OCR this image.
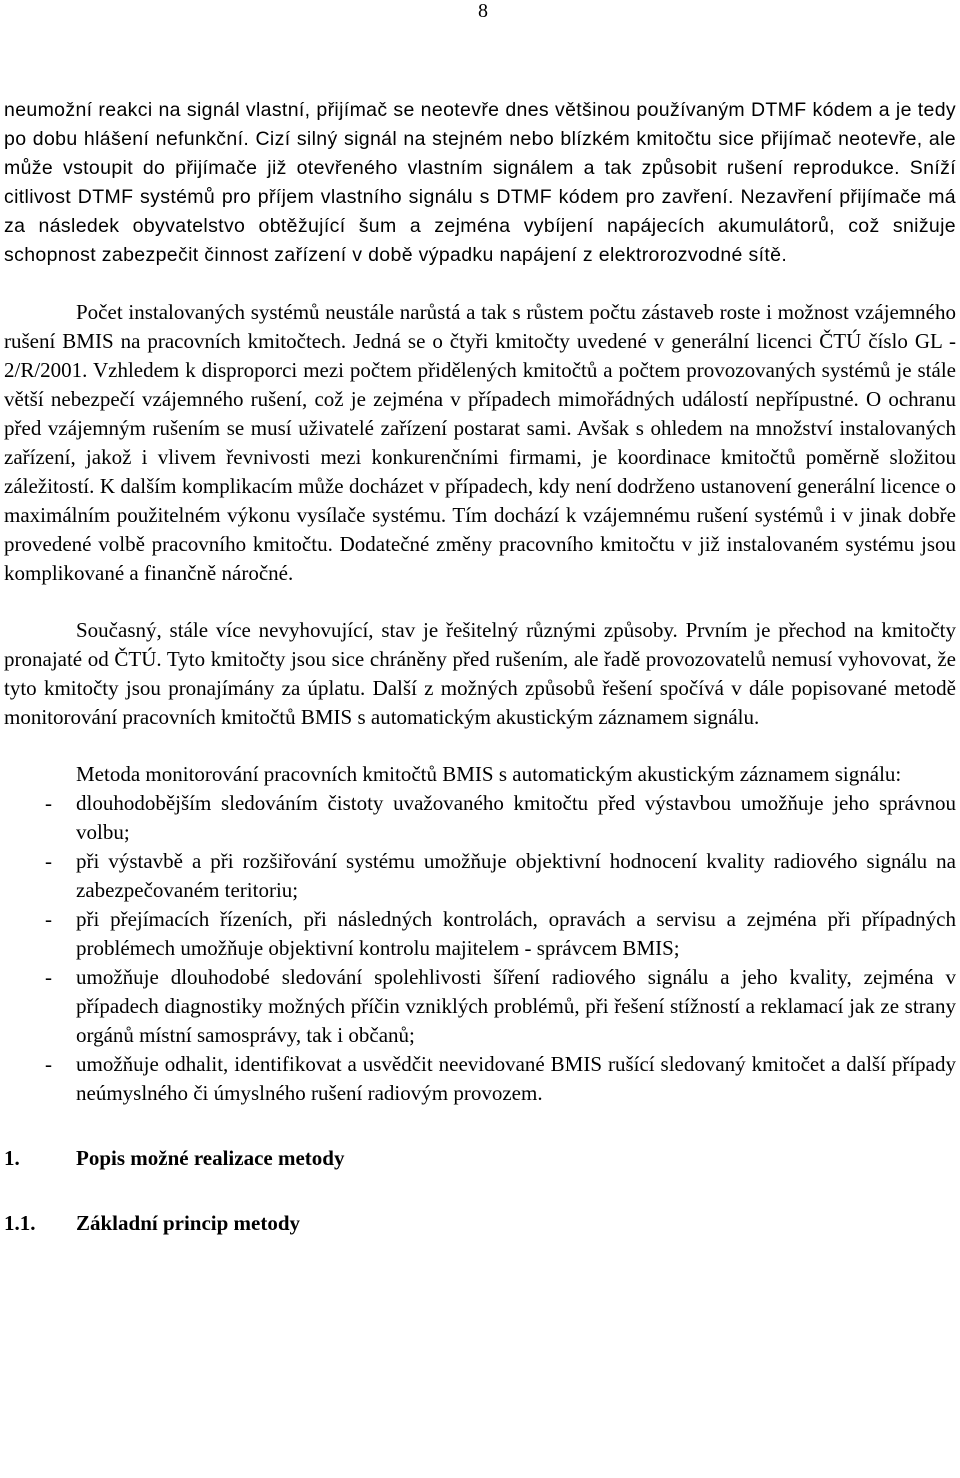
8

neumožní reakci na signál vlastní, přijímač se neotevře dnes většinou používaným DTMF kódem a je tedy po dobu hlášení nefunkční. Cizí silný signál na stejném nebo blízkém kmitočtu sice přijímač neotevře, ale může vstoupit do přijímače již otevřeného vlastním signálem a tak způsobit rušení reprodukce. Sníží citlivost DTMF systémů pro příjem vlastního signálu s DTMF kódem pro zavření. Nezavření přijímače má za následek obyvatelstvo obtěžující šum a zejména vybíjení napájecích akumulátorů, což snižuje schopnost zabezpečit činnost zařízení v době výpadku napájení z elektrorozvodné sítě.

Počet instalovaných systémů neustále narůstá a tak s růstem počtu zástaveb roste i možnost vzájemného rušení BMIS na pracovních kmitočtech. Jedná se o čtyři kmitočty uvedené v generální licenci ČTÚ číslo GL - 2/R/2001. Vzhledem k disproporci mezi počtem přidělených kmitočtů a počtem provozovaných systémů je stále větší nebezpečí vzájemného rušení, což je zejména v případech mimořádných událostí nepřípustné. O ochranu před vzájemným rušením se musí uživatelé zařízení postarat sami. Avšak s ohledem na množství instalovaných zařízení, jakož i vlivem řevnivosti mezi konkurenčními firmami, je koordinace kmitočtů poměrně složitou záležitostí. K dalším komplikacím může docházet v případech, kdy není dodrženo ustanovení generální licence o maximálním použitelném výkonu vysílače systému. Tím dochází k vzájemnému rušení systémů i v jinak dobře provedené volbě pracovního kmitočtu. Dodatečné změny pracovního kmitočtu v již instalovaném systému jsou komplikované a finančně náročné.

Současný, stále více nevyhovující, stav je řešitelný různými způsoby. Prvním je přechod na kmitočty pronajaté od ČTÚ. Tyto kmitočty jsou sice chráněny před rušením, ale řadě provozovatelů nemusí vyhovovat, že tyto kmitočty jsou pronajímány za úplatu. Další z možných způsobů řešení spočívá v dále popisované metodě monitorování pracovních kmitočtů BMIS s automatickým akustickým záznamem signálu.

Metoda monitorování pracovních kmitočtů BMIS s automatickým akustickým záznamem signálu:

- dlouhodobějším sledováním čistoty uvažovaného kmitočtu před výstavbou umožňuje jeho správnou volbu;
- při výstavbě a při rozšiřování systému umožňuje objektivní hodnocení kvality radiového signálu na zabezpečovaném teritoriu;
- při přejímacích řízeních, při následných kontrolách, opravách a servisu a zejména při případných problémech umožňuje objektivní kontrolu majitelem - správcem BMIS;
- umožňuje dlouhodobé sledování spolehlivosti šíření radiového signálu a jeho kvality, zejména v případech diagnostiky možných příčin vzniklých problémů, při řešení stížností a reklamací jak ze strany orgánů místní samosprávy, tak i občanů;
- umožňuje odhalit, identifikovat a usvědčit neevidované BMIS rušící sledovaný kmitočet a další případy neúmyslného či úmyslného rušení radiovým provozem.
1.	Popis možné realizace metody
1.1. Základní princip metody
